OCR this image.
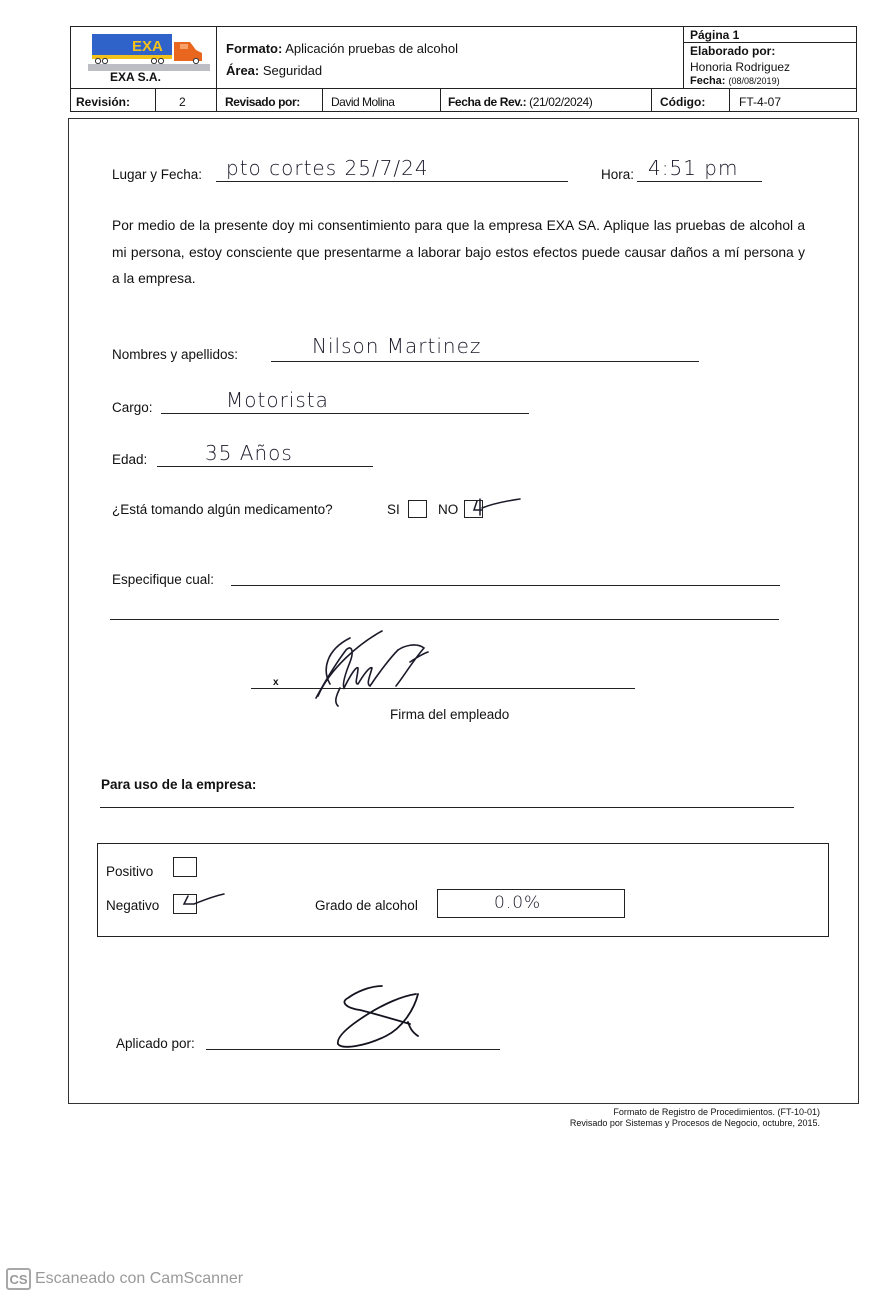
EXA
EXA S.A.
Formato: Aplicación pruebas de alcohol
Área: Seguridad
Página 1
Elaborado por:
Honoria Rodriguez
Fecha: (08/08/2019)
Revisión:	2	Revisado por:	David Molina	Fecha de Rev.: (21/02/2024)	Código:	FT-4-07
Lugar y Fecha: pto cortes 25/7/24	Hora: 4:51 pm
Por medio de la presente doy mi consentimiento para que la empresa EXA SA. Aplique las pruebas de alcohol a mi persona, estoy consciente que presentarme a laborar bajo estos efectos puede causar daños a mí persona y a la empresa.
Nombres y apellidos:	Nilson Martinez
Cargo:	Motorista
Edad:	35 Años
¿Está tomando algún medicamento?	SI	NO
Especifique cual:
x
Firma del empleado
Para uso de la empresa:
Positivo
Negativo	Grado de alcohol	0.0%
Aplicado por:
Formato de Registro de Procedimientos. (FT-10-01)
Revisado por Sistemas y Procesos de Negocio, octubre, 2015.
CS Escaneado con CamScanner
